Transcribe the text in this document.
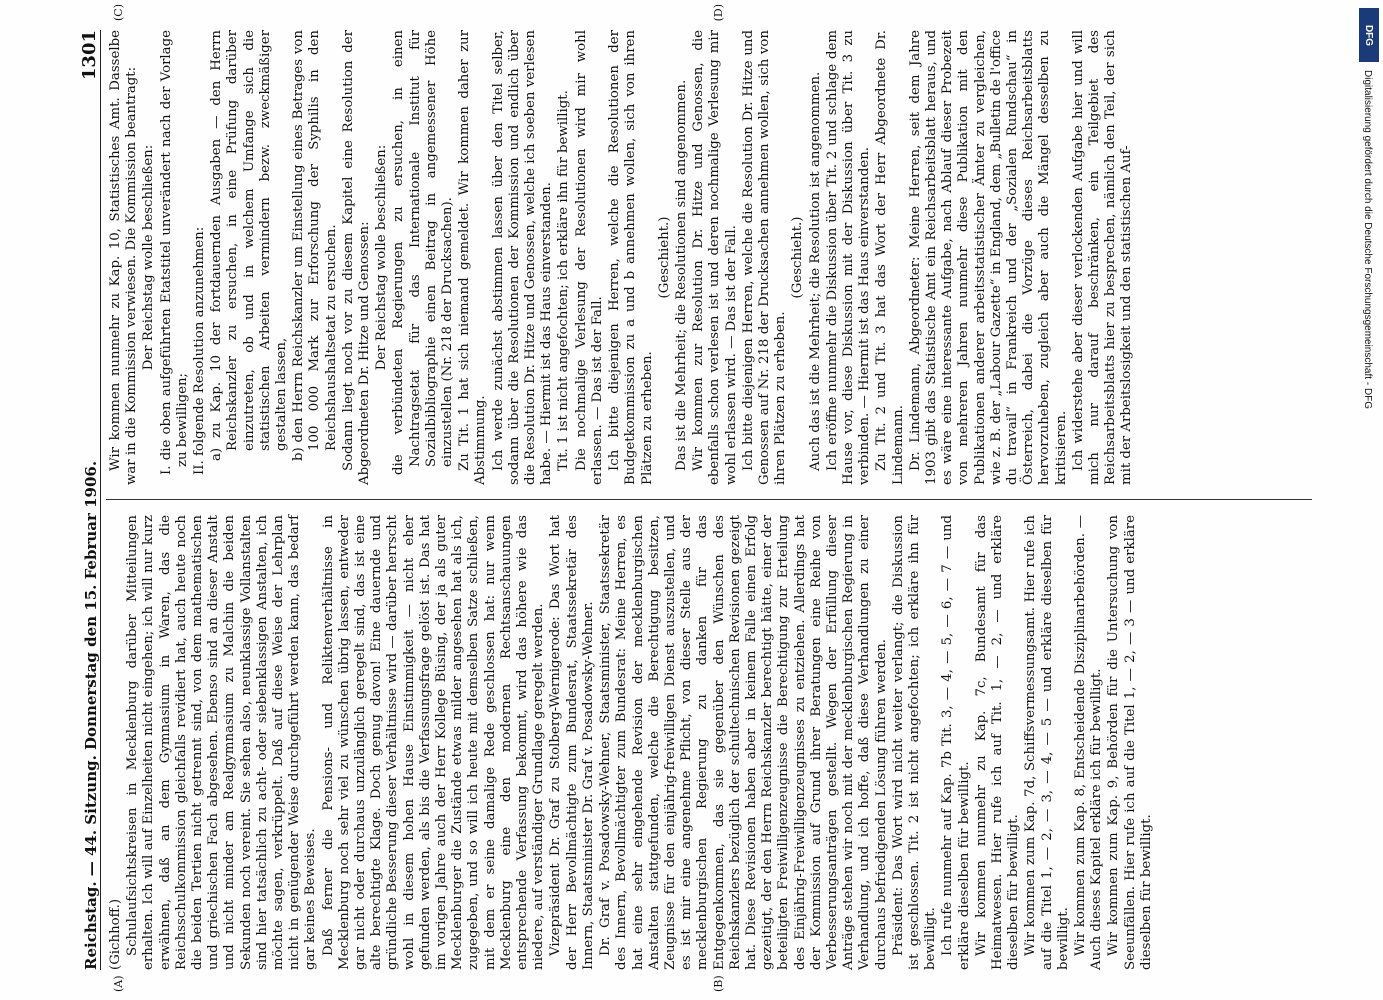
Reichstag. — 44. Sitzung. Donnerstag den 15. Februar 1906.
1301

(Gichhoff.) Schulaufsichtskreisen in Mecklenburg darüber Mitteilungen erhalten. Ich will auf Einzelheiten nicht eingehen; ich will nur kurz erwähnen, daß an dem Gymnasium in Waren, das die Reichsschulkommission gleichfalls revidiert hat, auch heute noch die beiden Tertien nicht getrennt sind, von dem mathematischen und griechischen Fach abgesehen. Ebenso sind an dieser Anstalt und nicht minder am Realgymnasium zu Malchin die beiden Sekunden noch vereint. Sie sehen also, neunklassige Vollanstalten sind hier tatsächlich zu acht- oder siebenklassigen Anstalten, ich möchte sagen, verkrüppelt. Daß auf diese Weise der Lehrplan nicht in genügender Weise durchgeführt werden kann, das bedarf gar keines Beweises. Daß ferner die Pensions- und Reliktenverhältnisse in Mecklenburg noch sehr viel zu wünschen übrig lassen, entweder gar nicht oder durchaus unzulänglich geregelt sind, das ist eine alte berechtigte Klage. Doch genug davon! Eine dauernde und gründliche Besserung dieser Verhältnisse wird — darüber herrscht wohl in diesem hohen Hause Einstimmigkeit — nicht eher gefunden werden, als bis die Verfassungsfrage gelöst ist. Das hat im vorigen Jahre auch der Herr Kollege Büsing, der ja als guter Mecklenburger die Zustände etwas milder angesehen hat als ich, zugegeben, und so will ich heute mit demselben Satze schließen, mit dem er seine damalige Rede geschlossen hat: nur wenn Mecklenburg eine den modernen Rechtsanschauungen entsprechende Verfassung bekommt, wird das höhere wie das niedere, auf verständiger Grundlage geregelt werden. Vizepräsident Dr. Graf zu Stolberg-Wernigerode: Das Wort hat der Herr Bevollmächtigte zum Bundesrat, Staatssekretär des Innern, Staatsminister Dr. Graf v. Posadowsky-Wehner. Dr. Graf v. Posadowsky-Wehner, Staatsminister, Staatssekretär des Innern, Bevollmächtigter zum Bundesrat: Meine Herren, es hat eine sehr eingehende Revision der mecklenburgischen Anstalten stattgefunden, welche die Berechtigung besitzen, Zeugnisse für den einjährig-freiwilligen Dienst auszustellen, und es ist mir eine angenehme Pflicht, von dieser Stelle aus der mecklenburgischen Regierung zu danken für das Entgegenkommen, das sie gegenüber den Wünschen des Reichskanzlers bezüglich der schultechnischen Revisionen gezeigt hat. Diese Revisionen haben aber in keinem Falle einen Erfolg gezeitigt, der den Herrn Reichskanzler berechtigt hätte, einer der beteiligten Freiwilligenzeugnisse die Berechtigung zur Erteilung des Einjährig-Freiwilligenzeugnisses zu entziehen. Allerdings hat der Kommission auf Grund ihrer Beratungen eine Reihe von Verbesserungsanträgen gestellt. Wegen der Erfüllung dieser Anträge stehen wir noch mit der mecklenburgischen Regierung in Verhandlung, und ich hoffe, daß diese Verhandlungen zu einer durchaus befriedigenden Lösung führen werden. Präsident: Das Wort wird nicht weiter verlangt; die Diskussion ist geschlossen. Tit. 2 ist nicht angefochten; ich erkläre ihn für bewilligt. Ich rufe nunmehr auf Kap. 7b Tit. 3, — 4, — 5, — 6, — 7 — und erkläre dieselben für bewilligt. Wir kommen nunmehr zu Kap. 7c, Bundesamt für das Heimatwesen. Hier rufe ich auf Tit. 1, — 2, — und erkläre dieselben für bewilligt. Wir kommen zum Kap. 7d, Schiffsvermessungsamt. Hier rufe ich auf die Titel 1, — 2, — 3, — 4, — 5 — und erkläre dieselben für bewilligt. Wir kommen zum Kap. 8, Entscheidende Disziplinarbehörden. — Auch dieses Kapitel erkläre ich für bewilligt. Wir kommen zum Kap. 9, Behörden für die Untersuchung von Seeunfällen. Hier rufe ich auf die Titel 1, — 2, — 3 — und erkläre dieselben für bewilligt.

Wir kommen nunmehr zu Kap. 10, Statistisches Amt. Dasselbe war in die Kommission verwiesen. Die Kommission beantragt: Der Reichstag wolle beschließen: I. die oben aufgeführten Etatstitel unverändert nach der Vorlage zu bewilligen; II. folgende Resolution anzunehmen: a) zu Kap. 10 der fortdauernden Ausgaben — den Herrn Reichskanzler zu ersuchen, in eine Prüfung darüber einzutreten, ob und in welchem Umfange sich die statistischen Arbeiten vermindern bezw. zweckmäßiger gestalten lassen, b) den Herrn Reichskanzler um Einstellung eines Betrages von 100 000 Mark zur Erforschung der Syphilis in den Reichshaushaltsetat zu ersuchen. Sodann liegt noch vor zu diesem Kapitel eine Resolution der Abgeordneten Dr. Hitze und Genossen: Der Reichstag wolle beschließen: die verbündeten Regierungen zu ersuchen, in einen Nachtragsetat für das Internationale Institut für Sozialbibliographie einen Beitrag in angemessener Höhe einzustellen (Nr. 218 der Drucksachen). Zu Tit. 1 hat sich niemand gemeldet. Wir kommen daher zur Abstimmung. Ich werde zunächst abstimmen lassen über den Titel selber, sodann über die Resolutionen der Kommission und endlich über die Resolution Dr. Hitze und Genossen, welche ich soeben verlesen habe. — Hiermit ist das Haus einverstanden. Tit. 1 ist nicht angefochten; ich erkläre ihn für bewilligt. Die nochmalige Verlesung der Resolutionen wird mir wohl erlassen. — Das ist der Fall. Ich bitte diejenigen Herren, welche die Resolutionen der Budgetkommission zu a und b annehmen wollen, sich von ihren Plätzen zu erheben.

(Geschieht.) Das ist die Mehrheit; die Resolutionen sind angenommen. Wir kommen zur Resolution Dr. Hitze und Genossen, die ebenfalls schon verlesen ist und deren nochmalige Verlesung mir wohl erlassen wird. — Das ist der Fall. Ich bitte diejenigen Herren, welche die Resolution Dr. Hitze und Genossen auf Nr. 218 der Drucksachen annehmen wollen, sich von ihren Plätzen zu erheben.

(Geschieht.) Auch das ist die Mehrheit; die Resolution ist angenommen. Ich eröffne nunmehr die Diskussion über Tit. 2 und schlage dem Hause vor, diese Diskussion mit der Diskussion über Tit. 3 zu verbinden. — Hiermit ist das Haus einverstanden. Zu Tit. 2 und Tit. 3 hat das Wort der Herr Abgeordnete Dr. Lindemann. Dr. Lindemann, Abgeordneter: Meine Herren, seit dem Jahre 1903 gibt das Statistische Amt ein Reichsarbeitsblatt heraus, und es wäre eine interessante Aufgabe, nach Ablauf dieser Probezeit von mehreren Jahren nunmehr diese Publikation mit den Publikationen anderer arbeitsstatistischer Ämter zu vergleichen, wie z. B. der „Labour Gazette“ in England, dem „Bulletin de l'office du travail“ in Frankreich und der „Sozialen Rundschau“ in Österreich, dabei die Vorzüge dieses Reichsarbeitsblatts hervorzuheben, zugleich aber auch die Mängel desselben zu kritisieren. Ich widerstehe aber dieser verlockenden Aufgabe hier und will mich nur darauf beschränken, ein Teilgebiet des Reichsarbeitsblatts hier zu besprechen, nämlich den Teil, der sich mit der Arbeitslosigkeit und den statistischen Auf-

(A)	(B)
(C)	(D)
DFG
Digitalisierung gefördert durch die Deutsche Forschungsgemeinschaft - DFG
